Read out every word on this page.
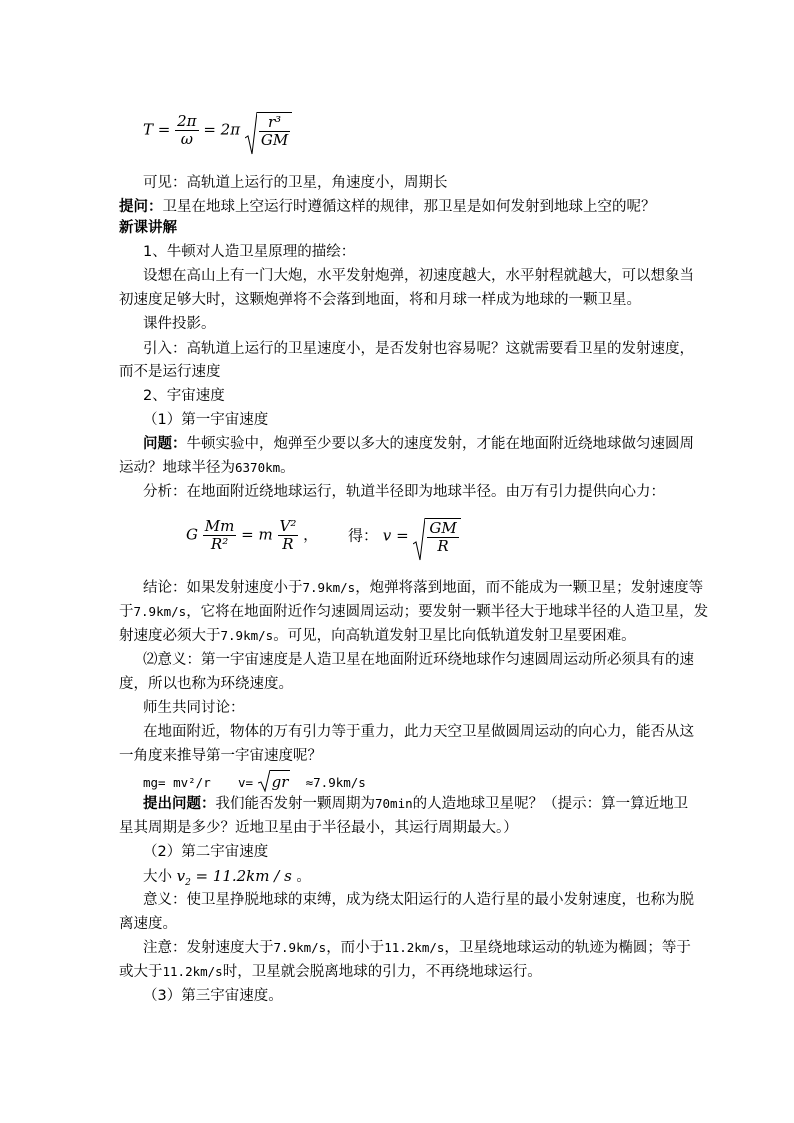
$T = \frac{2\pi}{\omega} = 2\pi \frac{\text{r³}}{GM}$
可见：高轨道上运行的卫星，角速度小，周期长
提问：卫星在地球上空运行时遵循这样的规律，那卫星是如何发射到地球上空的呢？
新课讲解
1、牛顿对人造卫星原理的描绘：
设想在高山上有一门大炮，水平发射炮弹，初速度越大，水平射程就越大，可以想象当
初速度足够大时，这颗炮弹将不会落到地面，将和月球一样成为地球的一颗卫星。
课件投影。
引入：高轨道上运行的卫星速度小，是否发射也容易呢？这就需要看卫星的发射速度，
而不是运行速度
2、宇宙速度
（1）第一宇宙速度
问题：牛顿实验中，炮弹至少要以多大的速度发射，才能在地面附近绕地球做匀速圆周
运动？地球半径为6370km。
分析：在地面附近绕地球运行，轨道半径即为地球半径。由万有引力提供向心力：
G $\frac{Mm}{\text{R²}} = m \frac{\text{V²}}{R}$ ， 得： $v = \frac{GM}{R}$
结论：如果发射速度小于7.9km/s，炮弹将落到地面，而不能成为一颗卫星；发射速度等
于7.9km/s，它将在地面附近作匀速圆周运动；要发射一颗半径大于地球半径的人造卫星，发
射速度必须大于7.9km/s。可见，向高轨道发射卫星比向低轨道发射卫星要困难。
⑵意义：第一宇宙速度是人造卫星在地面附近环绕地球作匀速圆周运动所必须具有的速
度，所以也称为环绕速度。
师生共同讨论：
在地面附近，物体的万有引力等于重力，此力天空卫星做圆周运动的向心力，能否从这
一角度来推导第一宇宙速度呢？
mg= mv²/r v= gr ≈7.9km/s
提出问题：我们能否发射一颗周期为70min的人造地球卫星呢？（提示：算一算近地卫
星其周期是多少？近地卫星由于半径最小，其运行周期最大。）
（2）第二宇宙速度
大小 $v_2 = 11.2km / s$ 。
意义：使卫星挣脱地球的束缚，成为绕太阳运行的人造行星的最小发射速度，也称为脱
离速度。
注意：发射速度大于7.9km/s，而小于11.2km/s，卫星绕地球运动的轨迹为椭圆；等于
或大于11.2km/s时，卫星就会脱离地球的引力，不再绕地球运行。
（3）第三宇宙速度。
